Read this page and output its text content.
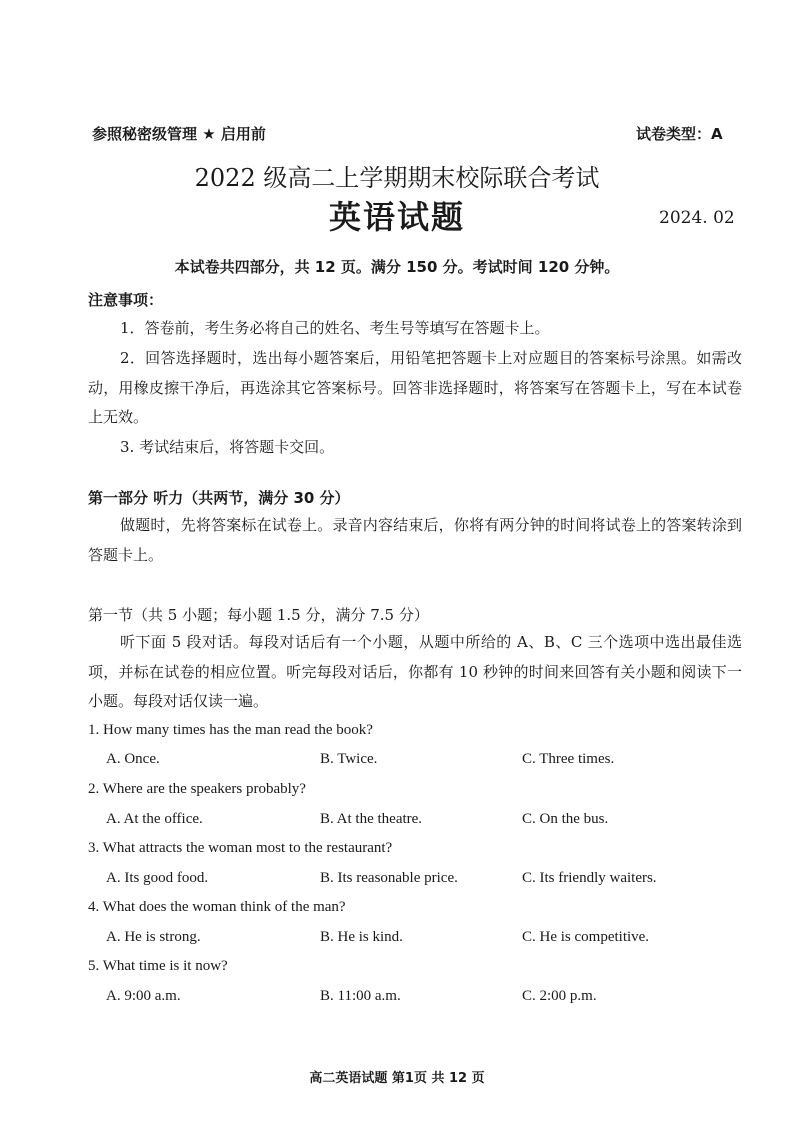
参照秘密级管理 ★ 启用前	试卷类型：A
2022 级高二上学期期末校际联合考试
英语试题	2024. 02
本试卷共四部分，共 12 页。满分 150 分。考试时间 120 分钟。
注意事项：
1．答卷前，考生务必将自己的姓名、考生号等填写在答题卡上。
2．回答选择题时，选出每小题答案后，用铅笔把答题卡上对应题目的答案标号涂黑。如需改动，用橡皮擦干净后，再选涂其它答案标号。回答非选择题时，将答案写在答题卡上，写在本试卷上无效。
3. 考试结束后，将答题卡交回。
第一部分 听力（共两节，满分 30 分）
做题时，先将答案标在试卷上。录音内容结束后，你将有两分钟的时间将试卷上的答案转涂到答题卡上。
第一节（共 5 小题；每小题 1.5 分，满分 7.5 分）
听下面 5 段对话。每段对话后有一个小题，从题中所给的 A、B、C 三个选项中选出最佳选项，并标在试卷的相应位置。听完每段对话后，你都有 10 秒钟的时间来回答有关小题和阅读下一小题。每段对话仅读一遍。
1. How many times has the man read the book?
A. Once.	B. Twice.	C. Three times.
2. Where are the speakers probably?
A. At the office.	B. At the theatre.	C. On the bus.
3. What attracts the woman most to the restaurant?
A. Its good food.	B. Its reasonable price.	C. Its friendly waiters.
4. What does the woman think of the man?
A. He is strong.	B. He is kind.	C. He is competitive.
5. What time is it now?
A. 9:00 a.m.	B. 11:00 a.m.	C. 2:00 p.m.
高二英语试题 第1页 共 12 页
